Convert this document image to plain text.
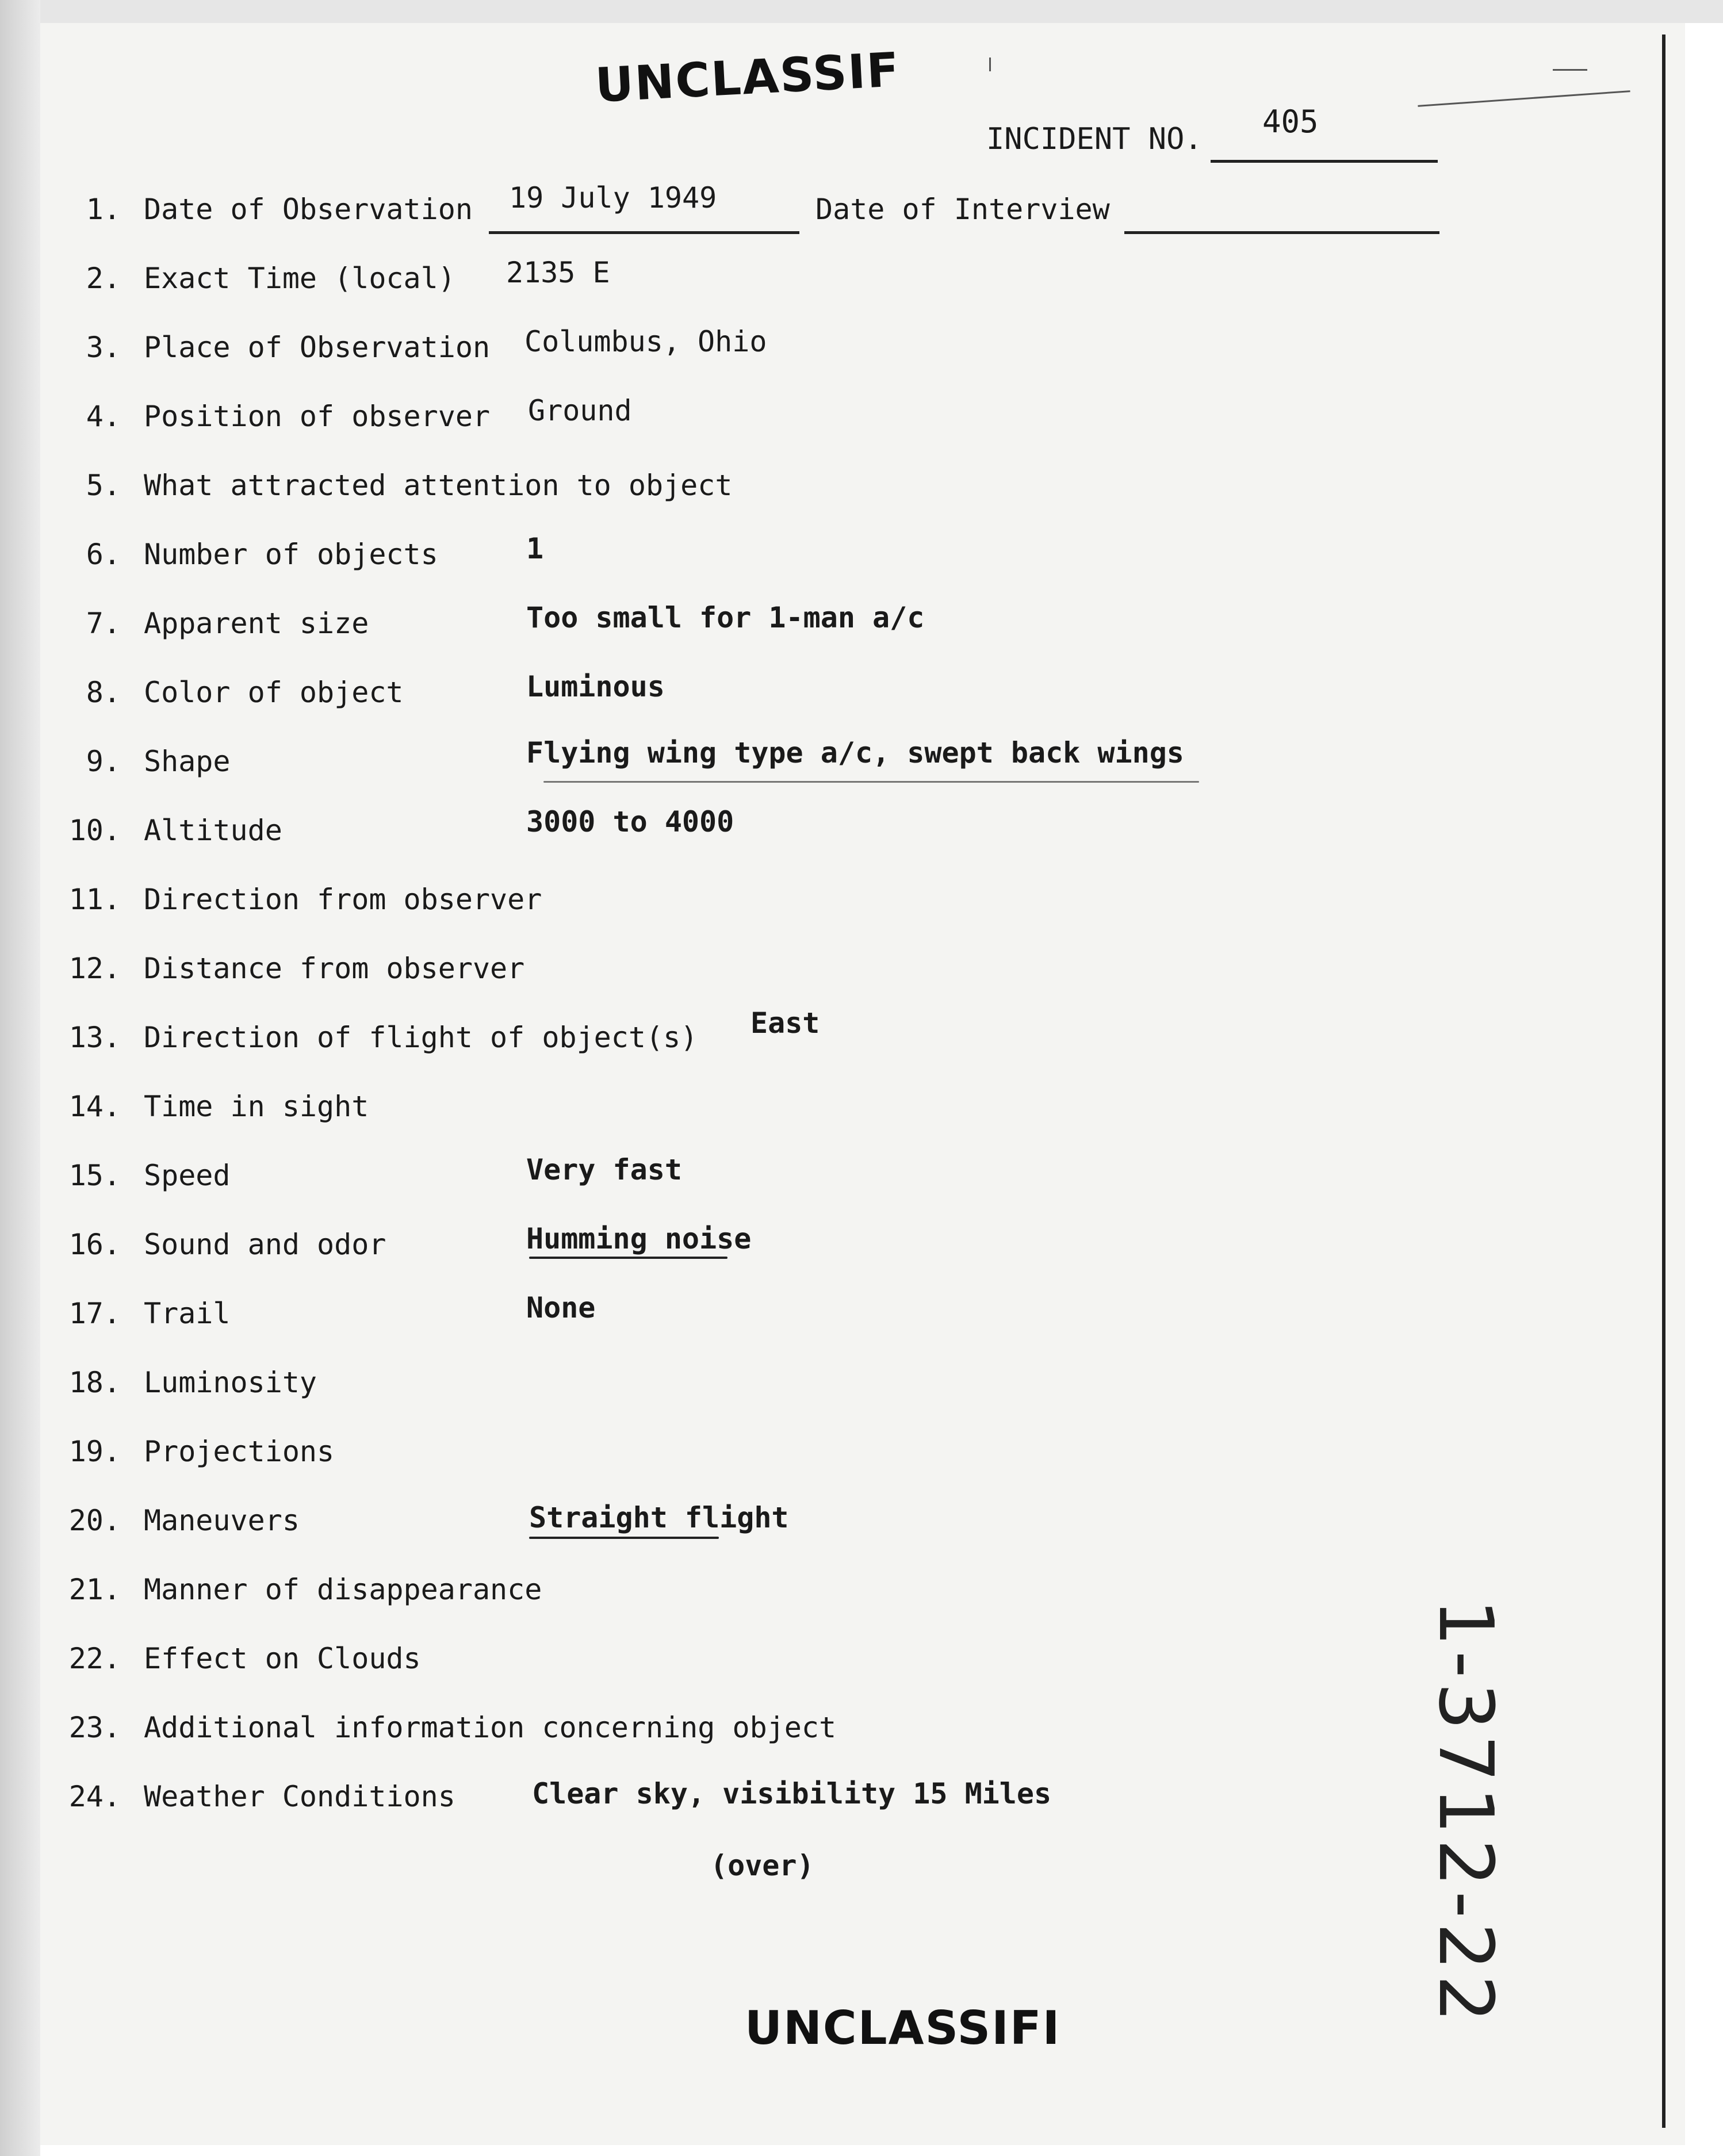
UNCLASSIF
INCIDENT NO. 405
Date of Interview
1. Date of Observation 19 July 1949
2. Exact Time (local) 2135 E
3. Place of Observation Columbus, Ohio
4. Position of observer Ground
5. What attracted attention to object
6. Number of objects	1
7. Apparent size	Too small for 1-man a/c
8. Color of object	Luminous
9. Shape	Flying wing type a/c, swept back wings
10. Altitude	3000 to 4000
11. Direction from observer
12. Distance from observer
13. Direction of flight of object(s) East
14. Time in sight
15. Speed	Very fast
16. Sound and odor	Humming noise
17. Trail	None
18. Luminosity
19. Projections
20. Maneuvers	Straight flight
21. Manner of disappearance
22. Effect on Clouds
23. Additional information concerning object
24. Weather Conditions	Clear sky, visibility 15 Miles
(over)
UNCLASSIFI
1-3712-22
